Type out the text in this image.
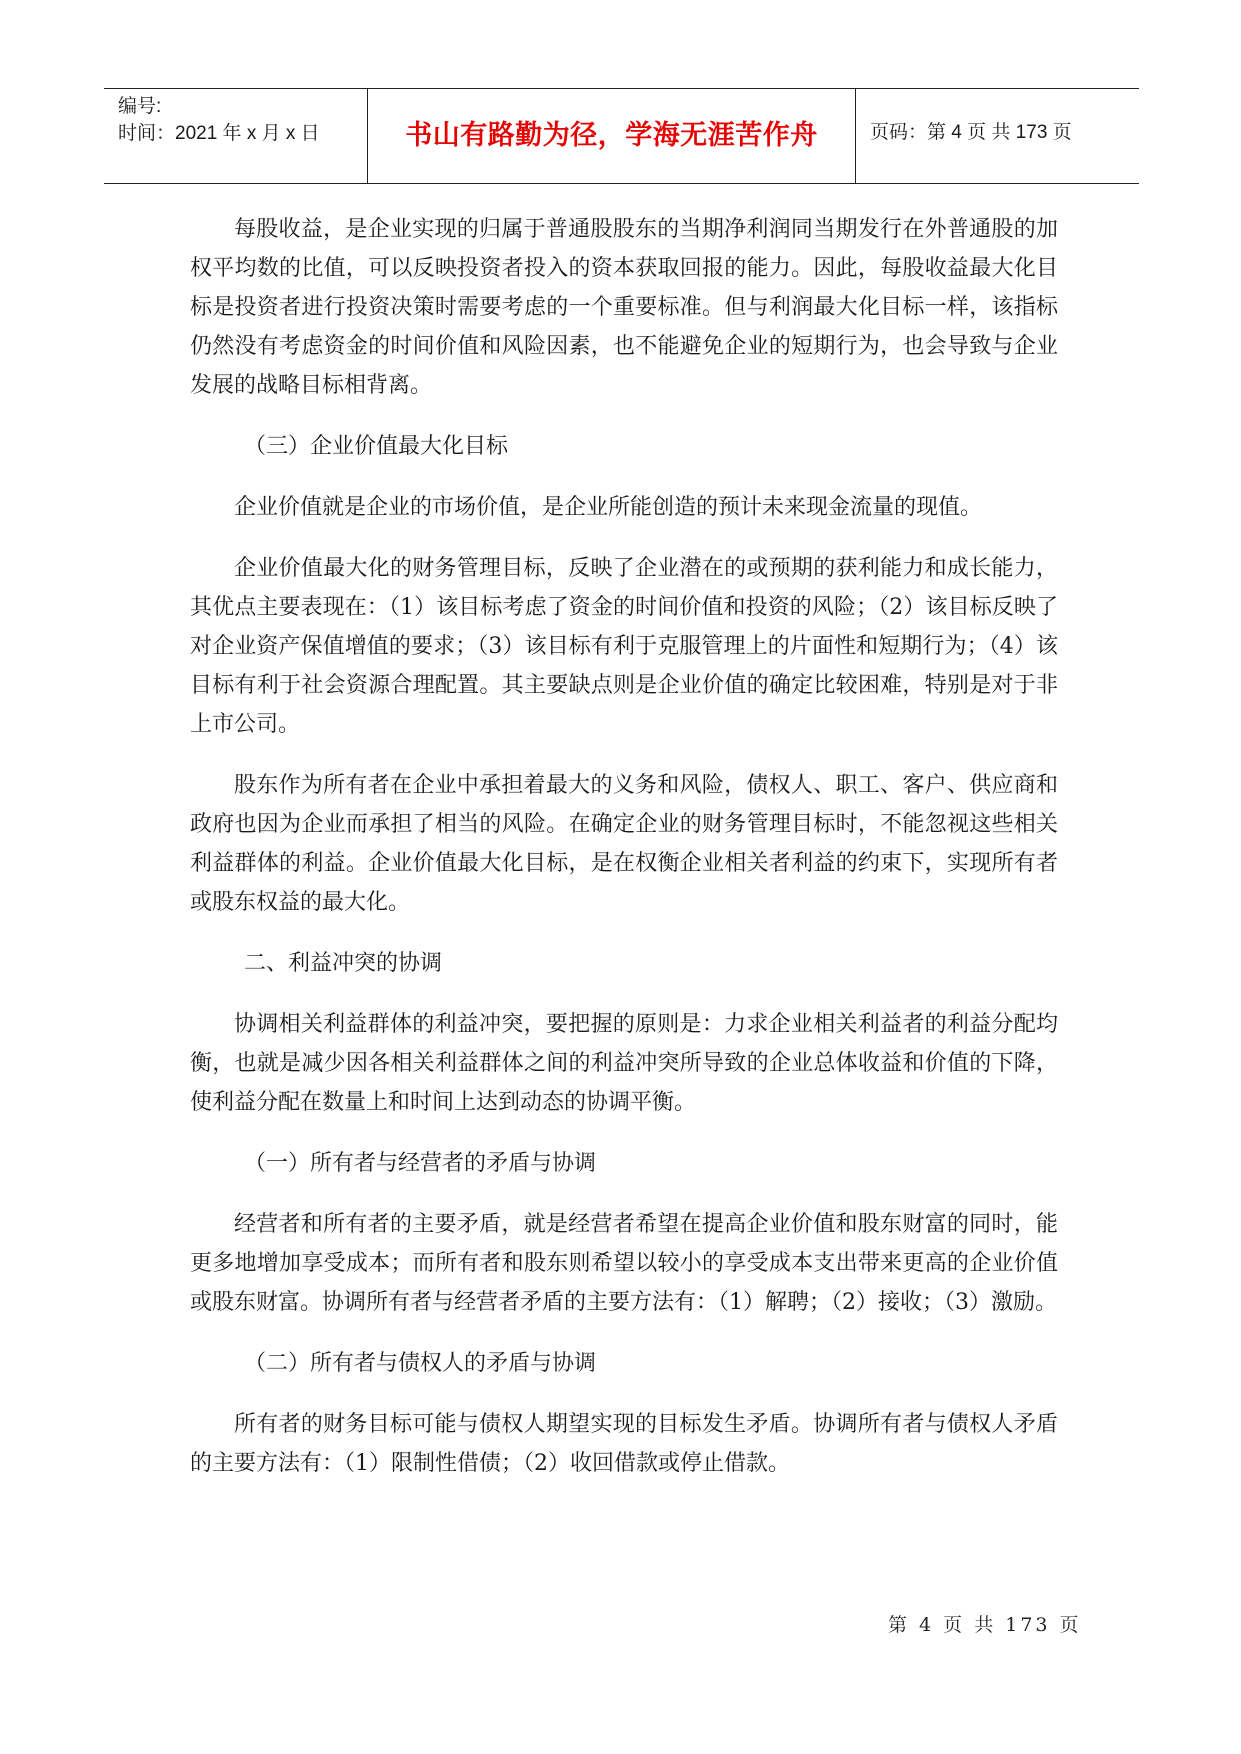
编号:
时间：2021 年 x 月 x 日	书山有路勤为径，学海无涯苦作舟	页码：第 4 页 共 173 页

每股收益，是企业实现的归属于普通股股东的当期净利润同当期发行在外普通股的加权平均数的比值，可以反映投资者投入的资本获取回报的能力。因此，每股收益最大化目标是投资者进行投资决策时需要考虑的一个重要标准。但与利润最大化目标一样，该指标仍然没有考虑资金的时间价值和风险因素，也不能避免企业的短期行为，也会导致与企业发展的战略目标相背离。

（三）企业价值最大化目标

企业价值就是企业的市场价值，是企业所能创造的预计未来现金流量的现值。

企业价值最大化的财务管理目标，反映了企业潜在的或预期的获利能力和成长能力，其优点主要表现在：（1）该目标考虑了资金的时间价值和投资的风险；（2）该目标反映了对企业资产保值增值的要求；（3）该目标有利于克服管理上的片面性和短期行为；（4）该目标有利于社会资源合理配置。其主要缺点则是企业价值的确定比较困难，特别是对于非上市公司。

股东作为所有者在企业中承担着最大的义务和风险，债权人、职工、客户、供应商和政府也因为企业而承担了相当的风险。在确定企业的财务管理目标时，不能忽视这些相关利益群体的利益。企业价值最大化目标，是在权衡企业相关者利益的约束下，实现所有者或股东权益的最大化。

二、利益冲突的协调

协调相关利益群体的利益冲突，要把握的原则是：力求企业相关利益者的利益分配均衡，也就是减少因各相关利益群体之间的利益冲突所导致的企业总体收益和价值的下降，使利益分配在数量上和时间上达到动态的协调平衡。

（一）所有者与经营者的矛盾与协调

经营者和所有者的主要矛盾，就是经营者希望在提高企业价值和股东财富的同时，能更多地增加享受成本；而所有者和股东则希望以较小的享受成本支出带来更高的企业价值或股东财富。协调所有者与经营者矛盾的主要方法有：（1）解聘；（2）接收；（3）激励。

（二）所有者与债权人的矛盾与协调

所有者的财务目标可能与债权人期望实现的目标发生矛盾。协调所有者与债权人矛盾的主要方法有：（1）限制性借债；（2）收回借款或停止借款。

第 4 页 共 173 页
